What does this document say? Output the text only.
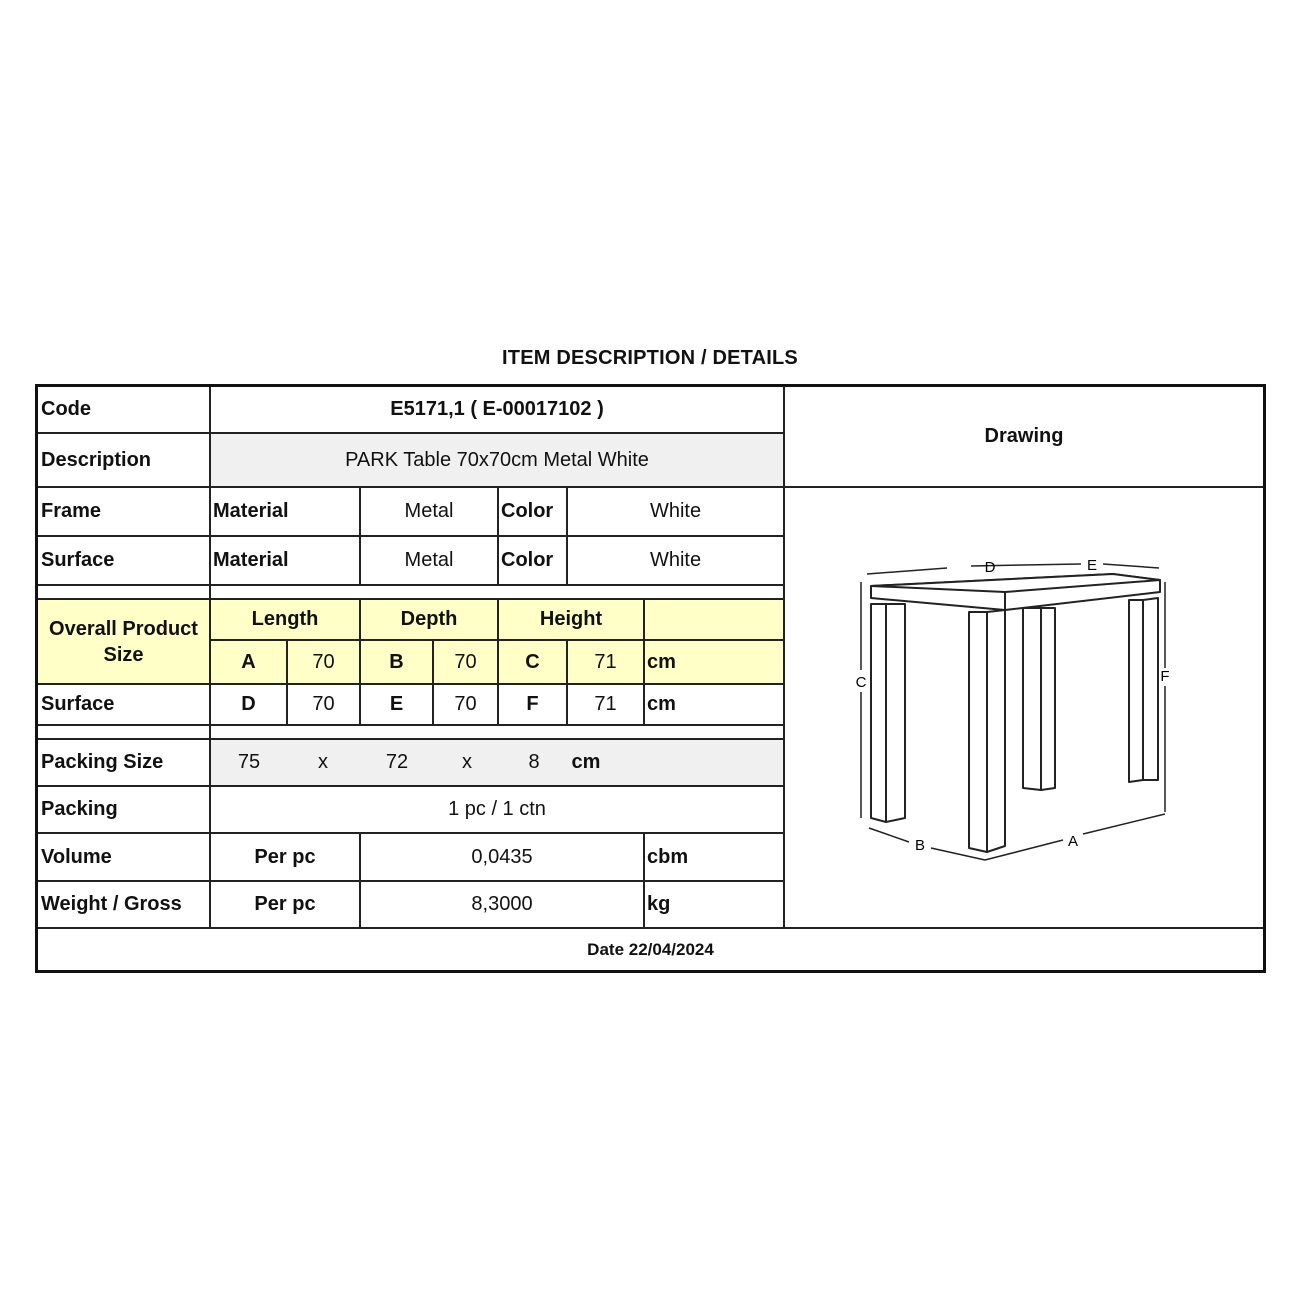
ITEM DESCRIPTION / DETAILS
Code	E5171,1 ( E-00017102 )
Description	PARK Table 70x70cm Metal White
Drawing
Frame	Material	Metal	Color	White
Surface	Material	Metal	Color	White
Overall Product Size
Length	Depth	Height
A	70	B	70	C	71	cm
Surface	D	70	E	70	F	71	cm
Packing Size	75	x	72	x	8	cm
Packing	1 pc / 1 ctn
Volume	Per pc	0,0435	cbm
Weight / Gross	Per pc	8,3000	kg
Date 22/04/2024
D	E
C	F
B	A
